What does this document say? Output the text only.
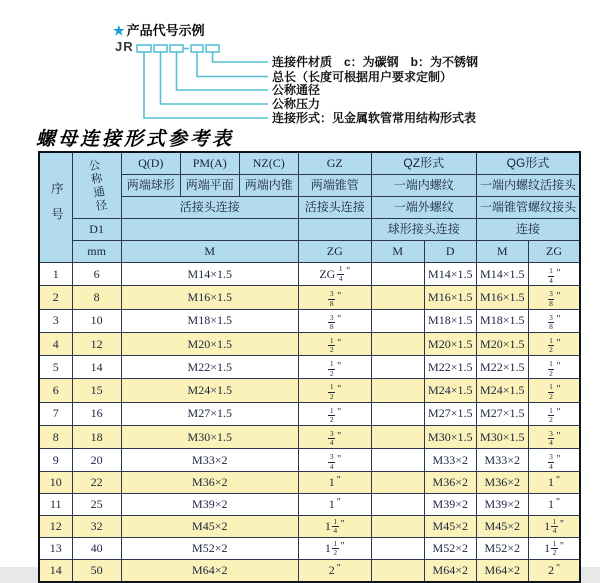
★ 产品代号示例
JR
连接件材质　c：为碳钢　b：为不锈钢
总长（长度可根据用户要求定制）
公称通径
公称压力
连接形式：见金属软管常用结构形式表
螺母连接形式参考表
序号	公称通径	Q(D)	PM(A)	NZ(C)	GZ	QZ形式		QG形式	
		两端球形	两端平面	两端内锥	两端锥管	一端内螺纹		一端内螺纹活接头	
		活接头连接			活接头连接	一端外螺纹		一端锥管螺纹接头	
	D1					球形接头连接		连接	
	mm	M			ZG	M	D	M	ZG
1	6	M14×1.5			ZG $\frac{1}{4}$ "		M14×1.5	M14×1.5	$\frac{1}{4}$ "

2	8	M16×1.5			$\frac{3}{8}$ "		M16×1.5	M16×1.5	$\frac{3}{8}$ "

3	10	M18×1.5			$\frac{3}{8}$ "		M18×1.5	M18×1.5	$\frac{3}{8}$ "

4	12	M20×1.5			$\frac{1}{2}$ "		M20×1.5	M20×1.5	$\frac{1}{2}$ "

5	14	M22×1.5			$\frac{1}{2}$ "		M22×1.5	M22×1.5	$\frac{1}{2}$ "

6	15	M24×1.5			$\frac{1}{2}$ "		M24×1.5	M24×1.5	$\frac{1}{2}$ "

7	16	M27×1.5			$\frac{1}{2}$ "		M27×1.5	M27×1.5	$\frac{1}{2}$ "

8	18	M30×1.5			$\frac{3}{4}$ "		M30×1.5	M30×1.5	$\frac{3}{4}$ "

9	20	M33×2			$\frac{3}{4}$ "		M33×2	M33×2	$\frac{3}{4}$ "

10	22	M36×2			1 "		M36×2	M36×2	1 "

11	25	M39×2			1 "		M39×2	M39×2	1 "

12	32	M45×2			$1 \frac{1}{4}$ "		M45×2	M45×2	$1 \frac{1}{4}$ "

13	40	M52×2			$1 \frac{1}{2}$ "		M52×2	M52×2	$1 \frac{1}{2}$ "

14	50	M64×2			2 "		M64×2	M64×2	2 "
